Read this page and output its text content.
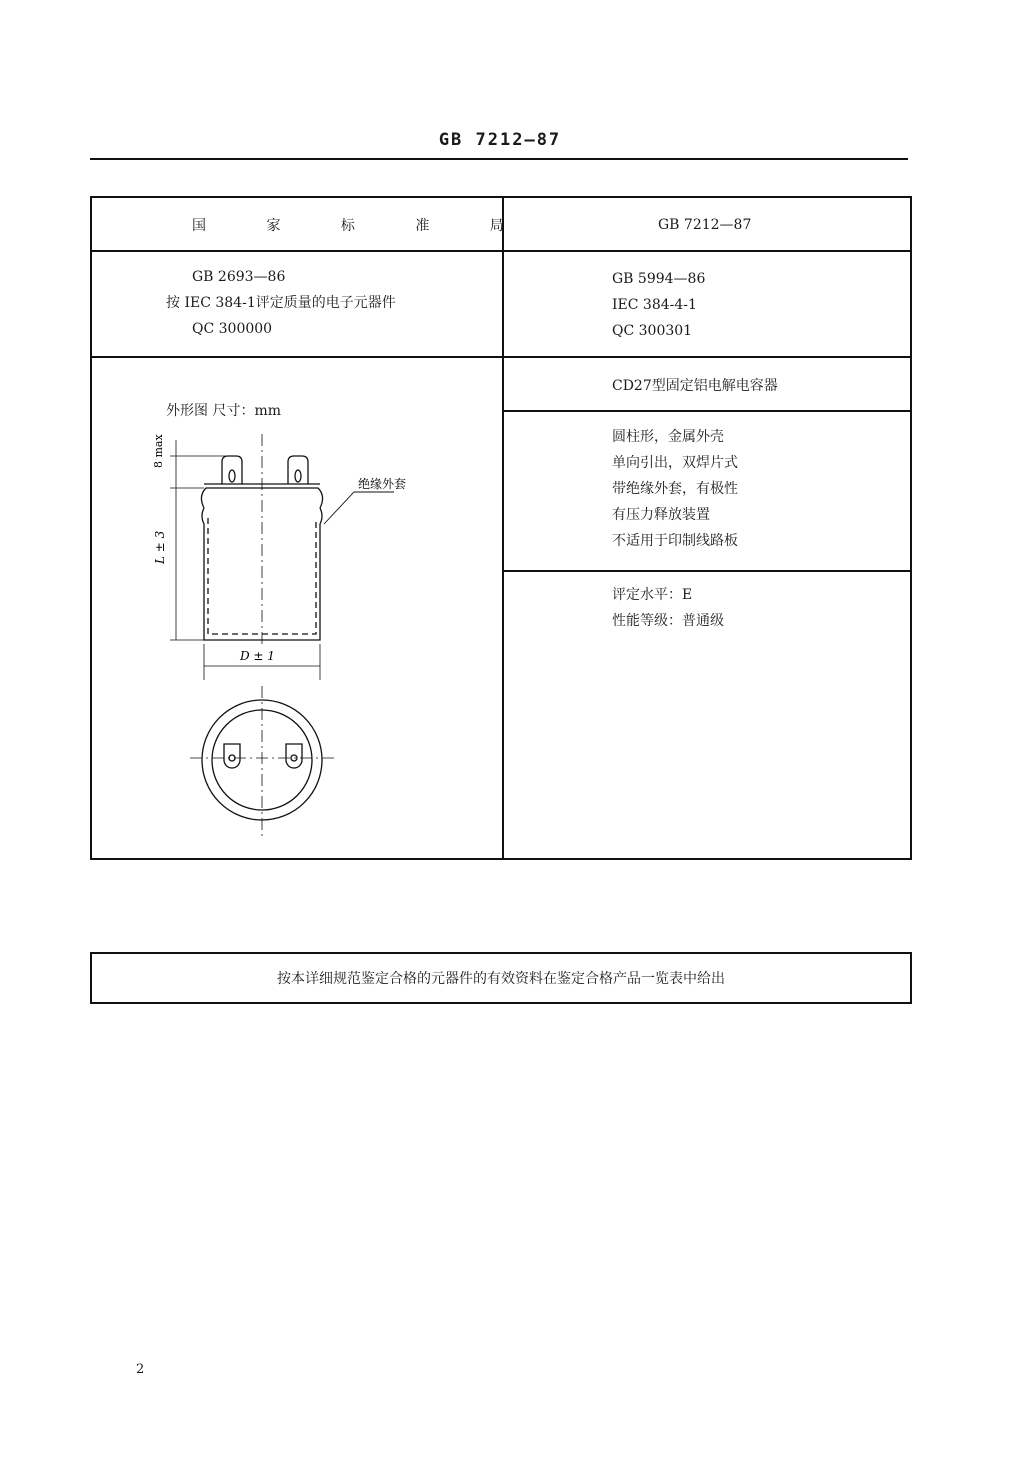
GB 7212—87
国 家 标 准 局	GB 7212—87
GB 2693—86
按 IEC 384-1评定质量的电子元器件
QC 300000
GB 5994—86
IEC 384-4-1
QC 300301
外形图 尺寸：mm
CD27型固定铝电解电容器
圆柱形，金属外壳
单向引出，双焊片式
带绝缘外套，有极性
有压力释放装置
不适用于印制线路板
评定水平：E
性能等级：普通级
8 max
L ± 3
D ± 1
绝缘外套
按本详细规范鉴定合格的元器件的有效资料在鉴定合格产品一览表中给出
2
